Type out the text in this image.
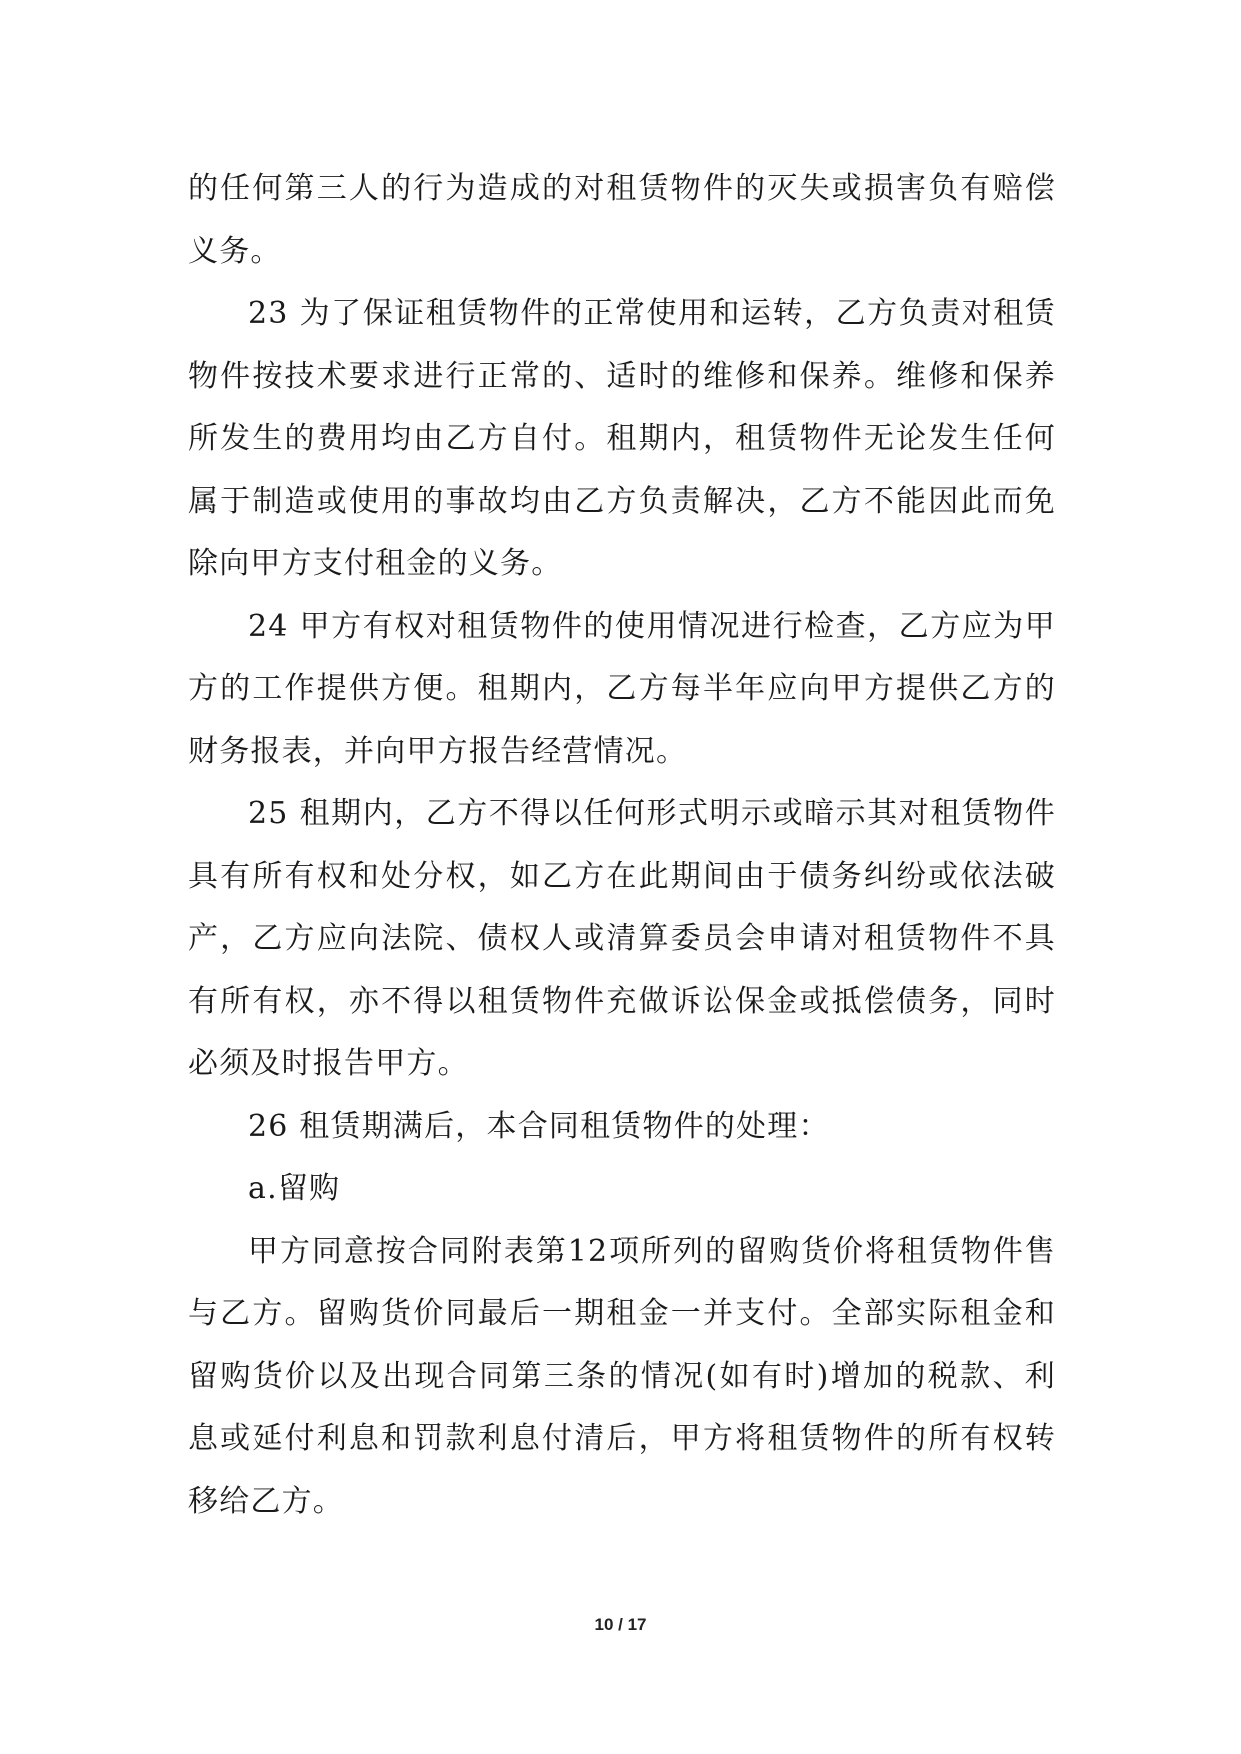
的任何第三人的行为造成的对租赁物件的灭失或损害负有赔偿义务。

23 为了保证租赁物件的正常使用和运转，乙方负责对租赁物件按技术要求进行正常的、适时的维修和保养。维修和保养所发生的费用均由乙方自付。租期内，租赁物件无论发生任何属于制造或使用的事故均由乙方负责解决，乙方不能因此而免除向甲方支付租金的义务。

24 甲方有权对租赁物件的使用情况进行检查，乙方应为甲方的工作提供方便。租期内，乙方每半年应向甲方提供乙方的财务报表，并向甲方报告经营情况。

25 租期内，乙方不得以任何形式明示或暗示其对租赁物件具有所有权和处分权，如乙方在此期间由于债务纠纷或依法破产，乙方应向法院、债权人或清算委员会申请对租赁物件不具有所有权，亦不得以租赁物件充做诉讼保金或抵偿债务，同时必须及时报告甲方。

26 租赁期满后，本合同租赁物件的处理：

a.留购

甲方同意按合同附表第12项所列的留购货价将租赁物件售与乙方。留购货价同最后一期租金一并支付。全部实际租金和留购货价以及出现合同第三条的情况(如有时)增加的税款、利息或延付利息和罚款利息付清后，甲方将租赁物件的所有权转移给乙方。

10 / 17
